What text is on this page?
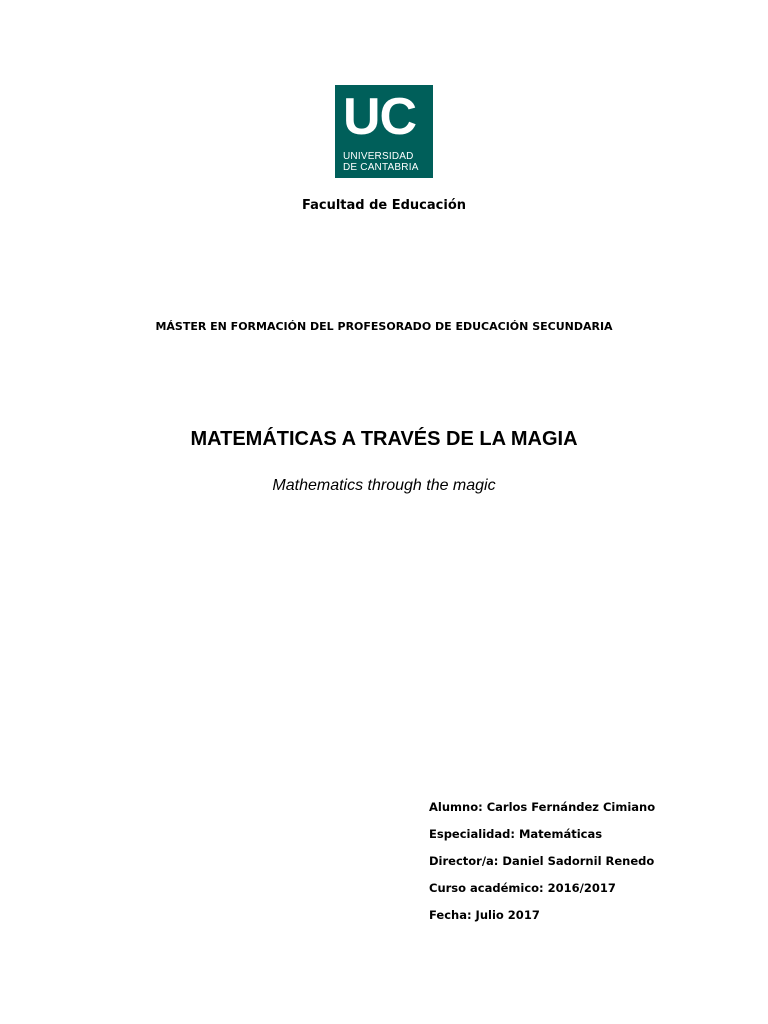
UC
UNIVERSIDAD
DE CANTABRIA
Facultad de Educación
MÁSTER EN FORMACIÓN DEL PROFESORADO DE EDUCACIÓN SECUNDARIA
MATEMÁTICAS A TRAVÉS DE LA MAGIA
Mathematics through the magic
Alumno: Carlos Fernández Cimiano
Especialidad: Matemáticas
Director/a: Daniel Sadornil Renedo
Curso académico: 2016/2017
Fecha: Julio 2017
